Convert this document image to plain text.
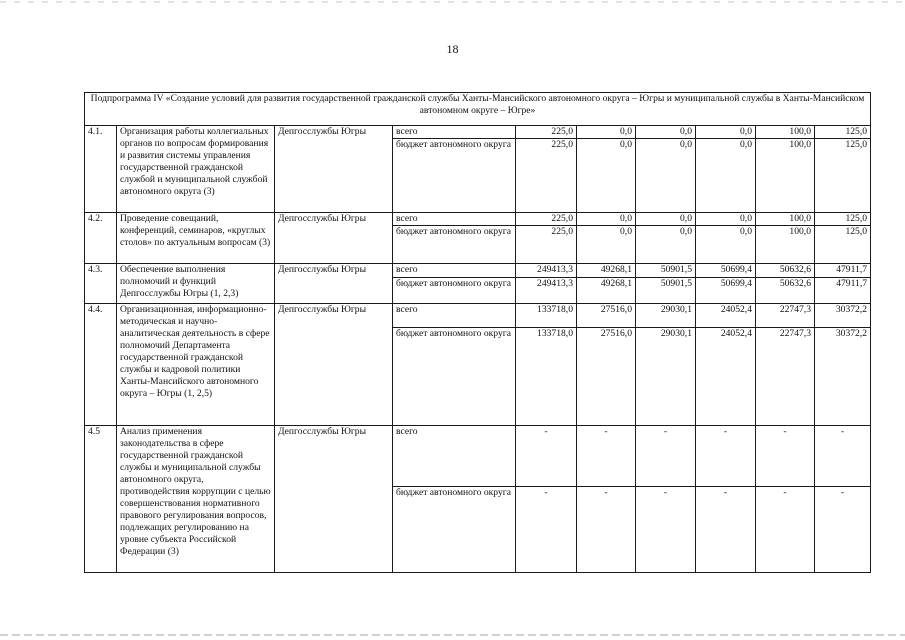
18
Подпрограмма IV «Создание условий для развития государственной гражданской службы Ханты-Мансийского автономного округа – Югры и муниципальной службы в Ханты-Мансийском автономном округе – Югре»									
4.1.	Организация работы коллегиальных органов по вопросам формирования и развития системы управления государственной гражданской службой и муниципальной службой автономного округа (3)	Депгосслужбы Югры	всего	225,0	0,0	0,0	0,0	100,0	125,0
			бюджет автономного округа	225,0	0,0	0,0	0,0	100,0	125,0
4.2.	Проведение совещаний, конференций, семинаров, «круглых столов» по актуальным вопросам (3)	Депгосслужбы Югры	всего	225,0	0,0	0,0	0,0	100,0	125,0
			бюджет автономного округа	225,0	0,0	0,0	0,0	100,0	125,0
4.3.	Обеспечение выполнения полномочий и функций Депгосслужбы Югры (1, 2,3)	Депгосслужбы Югры	всего	249413,3	49268,1	50901,5	50699,4	50632,6	47911,7
			бюджет автономного округа	249413,3	49268,1	50901,5	50699,4	50632,6	47911,7
4.4.	Организационная, информационно-методическая и научно-аналитическая деятельность в сфере полномочий Департамента государственной гражданской службы и кадровой политики Ханты-Мансийского автономного округа – Югры (1, 2,5)	Депгосслужбы Югры	всего	133718,0	27516,0	29030,1	24052,4	22747,3	30372,2
			бюджет автономного округа	133718,0	27516,0	29030,1	24052,4	22747,3	30372,2
4.5	Анализ применения законодательства в сфере государственной гражданской службы и муниципальной службы автономного округа, противодействия коррупции с целью совершенствования нормативного правового регулирования вопросов, подлежащих регулированию на уровне субъекта Российской Федерации (3)	Депгосслужбы Югры	всего	-	-	-	-	-	-
			бюджет автономного округа	-	-	-	-	-	-
